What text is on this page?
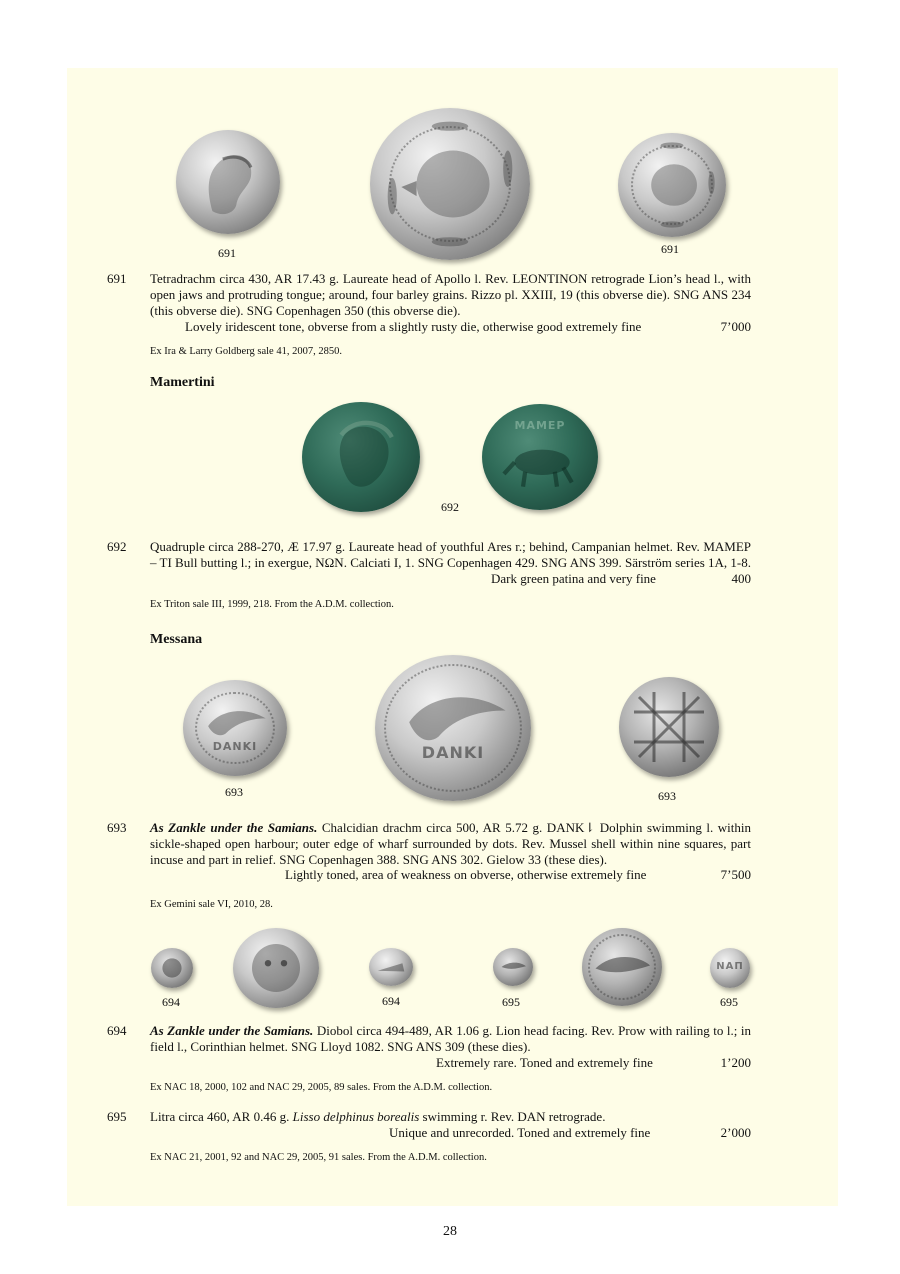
691	691
691 Tetradrachm circa 430, AR 17.43 g. Laureate head of Apollo l. Rev. LEONTINON retrograde Lion’s head l., with open jaws and protruding tongue; around, four barley grains. Rizzo pl. XXIII, 19 (this obverse die). SNG ANS 234 (this obverse die). SNG Copenhagen 350 (this obverse die).
Lovely iridescent tone, obverse from a slightly rusty die, otherwise good extremely fine	7’000
Ex Ira & Larry Goldberg sale 41, 2007, 2850.
Mamertini
MAMEP
692
692 Quadruple circa 288-270, Æ 17.97 g. Laureate head of youthful Ares r.; behind, Campanian helmet. Rev. MAMEP – TI Bull butting l.; in exergue, NΩN. Calciati I, 1. SNG Copenhagen 429. SNG ANS 399. Särström series 1A, 1-8.
Dark green patina and very fine	400
Ex Triton sale III, 1999, 218. From the A.D.M. collection.
Messana
DANKI	DANKI
693	693
693 As Zankle under the Samians. Chalcidian drachm circa 500, AR 5.72 g. DANK⇂ Dolphin swimming l. within sickle-shaped open harbour; outer edge of wharf surrounded by dots. Rev. Mussel shell within nine squares, part incuse and part in relief. SNG Copenhagen 388. SNG ANS 302. Gielow 33 (these dies).
Lightly toned, area of weakness on obverse, otherwise extremely fine	7’500
Ex Gemini sale VI, 2010, 28.
ΝΑΠ
694	694	695	695
694 As Zankle under the Samians. Diobol circa 494-489, AR 1.06 g. Lion head facing. Rev. Prow with railing to l.; in field l., Corinthian helmet. SNG Lloyd 1082. SNG ANS 309 (these dies).
Extremely rare. Toned and extremely fine	1’200
Ex NAC 18, 2000, 102 and NAC 29, 2005, 89 sales. From the A.D.M. collection.
695 Litra circa 460, AR 0.46 g. Lisso delphinus borealis swimming r. Rev. DAN retrograde.
Unique and unrecorded. Toned and extremely fine	2’000
Ex NAC 21, 2001, 92 and NAC 29, 2005, 91 sales. From the A.D.M. collection.
28
